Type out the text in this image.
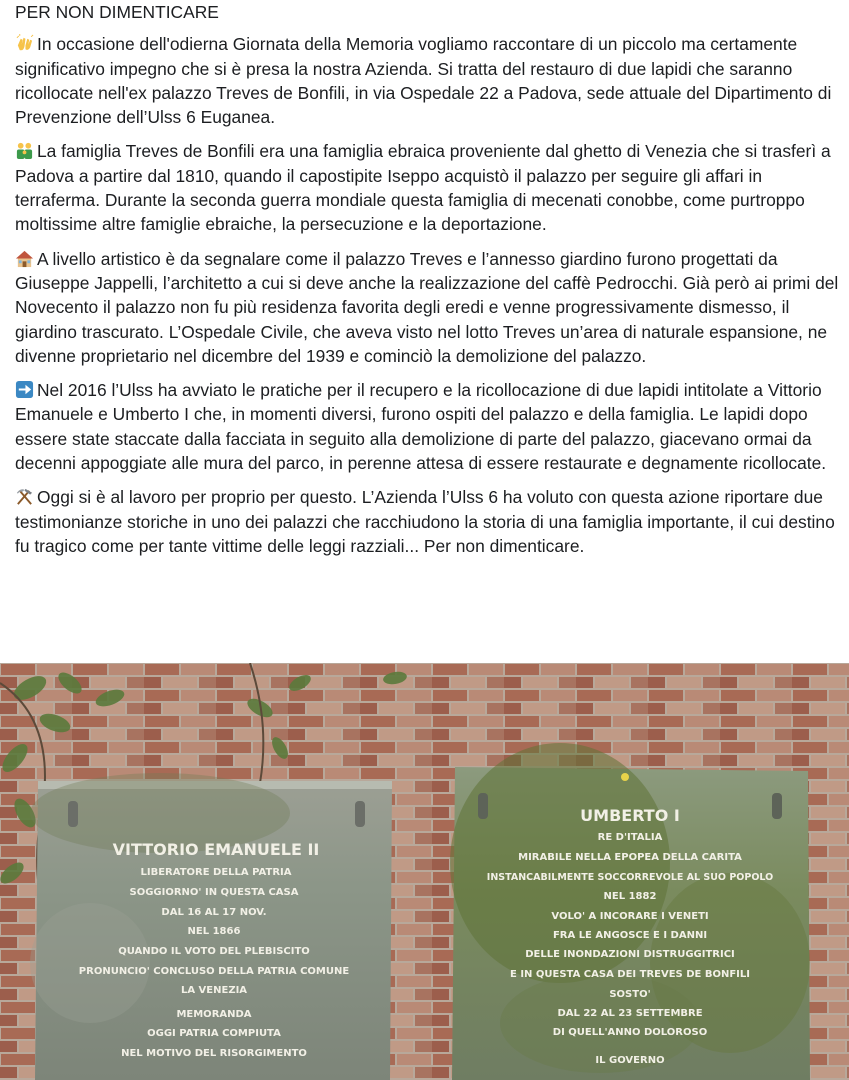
PER NON DIMENTICARE

In occasione dell'odierna Giornata della Memoria vogliamo raccontare di un piccolo ma certamente significativo impegno che si è presa la nostra Azienda. Si tratta del restauro di due lapidi che saranno ricollocate nell'ex palazzo Treves de Bonfili, in via Ospedale 22 a Padova, sede attuale del Dipartimento di Prevenzione dell’Ulss 6 Euganea.

La famiglia Treves de Bonfili era una famiglia ebraica proveniente dal ghetto di Venezia che si trasferì a Padova a partire dal 1810, quando il capostipite Iseppo acquistò il palazzo per seguire gli affari in terraferma. Durante la seconda guerra mondiale questa famiglia di mecenati conobbe, come purtroppo moltissime altre famiglie ebraiche, la persecuzione e la deportazione.

A livello artistico è da segnalare come il palazzo Treves e l’annesso giardino furono progettati da Giuseppe Jappelli, l’architetto a cui si deve anche la realizzazione del caffè Pedrocchi. Già però ai primi del Novecento il palazzo non fu più residenza favorita degli eredi e venne progressivamente dismesso, il giardino trascurato. L’Ospedale Civile, che aveva visto nel lotto Treves un’area di naturale espansione, ne divenne proprietario nel dicembre del 1939 e cominciò la demolizione del palazzo.

Nel 2016 l’Ulss ha avviato le pratiche per il recupero e la ricollocazione di due lapidi intitolate a Vittorio Emanuele e Umberto I che, in momenti diversi, furono ospiti del palazzo e della famiglia. Le lapidi dopo essere state staccate dalla facciata in seguito alla demolizione di parte del palazzo, giacevano ormai da decenni appoggiate alle mura del parco, in perenne attesa di essere restaurate e degnamente ricollocate.

Oggi si è al lavoro per proprio per questo. L’Azienda l’Ulss 6 ha voluto con questa azione riportare due testimonianze storiche in uno dei palazzi che racchiudono la storia di una famiglia importante, il cui destino fu tragico come per tante vittime delle leggi razziali... Per non dimenticare.

VITTORIO EMANUELE II
LIBERATORE DELLA PATRIA
SOGGIORNO' IN QUESTA CASA
DAL 16 AL 17 NOV.
NEL 1866
QUANDO IL VOTO DEL PLEBISCITO
PRONUNCIO' CONCLUSO DELLA PATRIA COMUNE
LA VENEZIA
MEMORANDA
OGGI PATRIA COMPIUTA
NEL MOTIVO DEL RISORGIMENTO
UMBERTO I
RE D'ITALIA
MIRABILE NELLA EPOPEA DELLA CARITA
INSTANCABILMENTE SOCCORREVOLE AL SUO POPOLO
NEL 1882
VOLO' A INCORARE I VENETI
FRA LE ANGOSCE E I DANNI
DELLE INONDAZIONI DISTRUGGITRICI
E IN QUESTA CASA DEI TREVES DE BONFILI
SOSTO'
DAL 22 AL 23 SETTEMBRE
DI QUELL'ANNO DOLOROSO
IL GOVERNO
